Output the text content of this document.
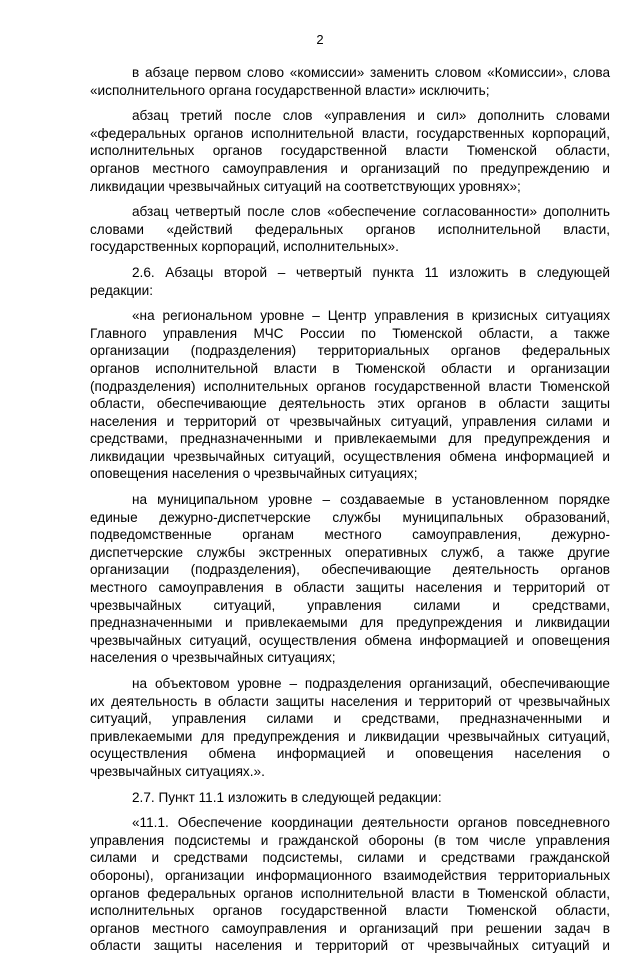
2
в абзаце первом слово «комиссии» заменить словом «Комиссии», слова
«исполнительного органа государственной власти» исключить;
абзац третий после слов «управления и сил» дополнить словами
«федеральных органов исполнительной власти, государственных корпораций,
исполнительных органов государственной власти Тюменской области,
органов местного самоуправления и организаций по предупреждению и
ликвидации чрезвычайных ситуаций на соответствующих уровнях»;
абзац четвертый после слов «обеспечение согласованности» дополнить
словами «действий федеральных органов исполнительной власти,
государственных корпораций, исполнительных».
2.6. Абзацы второй – четвертый пункта 11 изложить в следующей
редакции:
«на региональном уровне – Центр управления в кризисных ситуациях
Главного управления МЧС России по Тюменской области, а также
организации (подразделения) территориальных органов федеральных
органов исполнительной власти в Тюменской области и организации
(подразделения) исполнительных органов государственной власти Тюменской
области, обеспечивающие деятельность этих органов в области защиты
населения и территорий от чрезвычайных ситуаций, управления силами и
средствами, предназначенными и привлекаемыми для предупреждения и
ликвидации чрезвычайных ситуаций, осуществления обмена информацией и
оповещения населения о чрезвычайных ситуациях;
на муниципальном уровне – создаваемые в установленном порядке
единые дежурно-диспетчерские службы муниципальных образований,
подведомственные органам местного самоуправления, дежурно-
диспетчерские службы экстренных оперативных служб, а также другие
организации (подразделения), обеспечивающие деятельность органов
местного самоуправления в области защиты населения и территорий от
чрезвычайных ситуаций, управления силами и средствами,
предназначенными и привлекаемыми для предупреждения и ликвидации
чрезвычайных ситуаций, осуществления обмена информацией и оповещения
населения о чрезвычайных ситуациях;
на объектовом уровне – подразделения организаций, обеспечивающие
их деятельность в области защиты населения и территорий от чрезвычайных
ситуаций, управления силами и средствами, предназначенными и
привлекаемыми для предупреждения и ликвидации чрезвычайных ситуаций,
осуществления обмена информацией и оповещения населения о
чрезвычайных ситуациях.».
2.7. Пункт 11.1 изложить в следующей редакции:
«11.1. Обеспечение координации деятельности органов повседневного
управления подсистемы и гражданской обороны (в том числе управления
силами и средствами подсистемы, силами и средствами гражданской
обороны), организации информационного взаимодействия территориальных
органов федеральных органов исполнительной власти в Тюменской области,
исполнительных органов государственной власти Тюменской области,
органов местного самоуправления и организаций при решении задач в
области защиты населения и территорий от чрезвычайных ситуаций и
